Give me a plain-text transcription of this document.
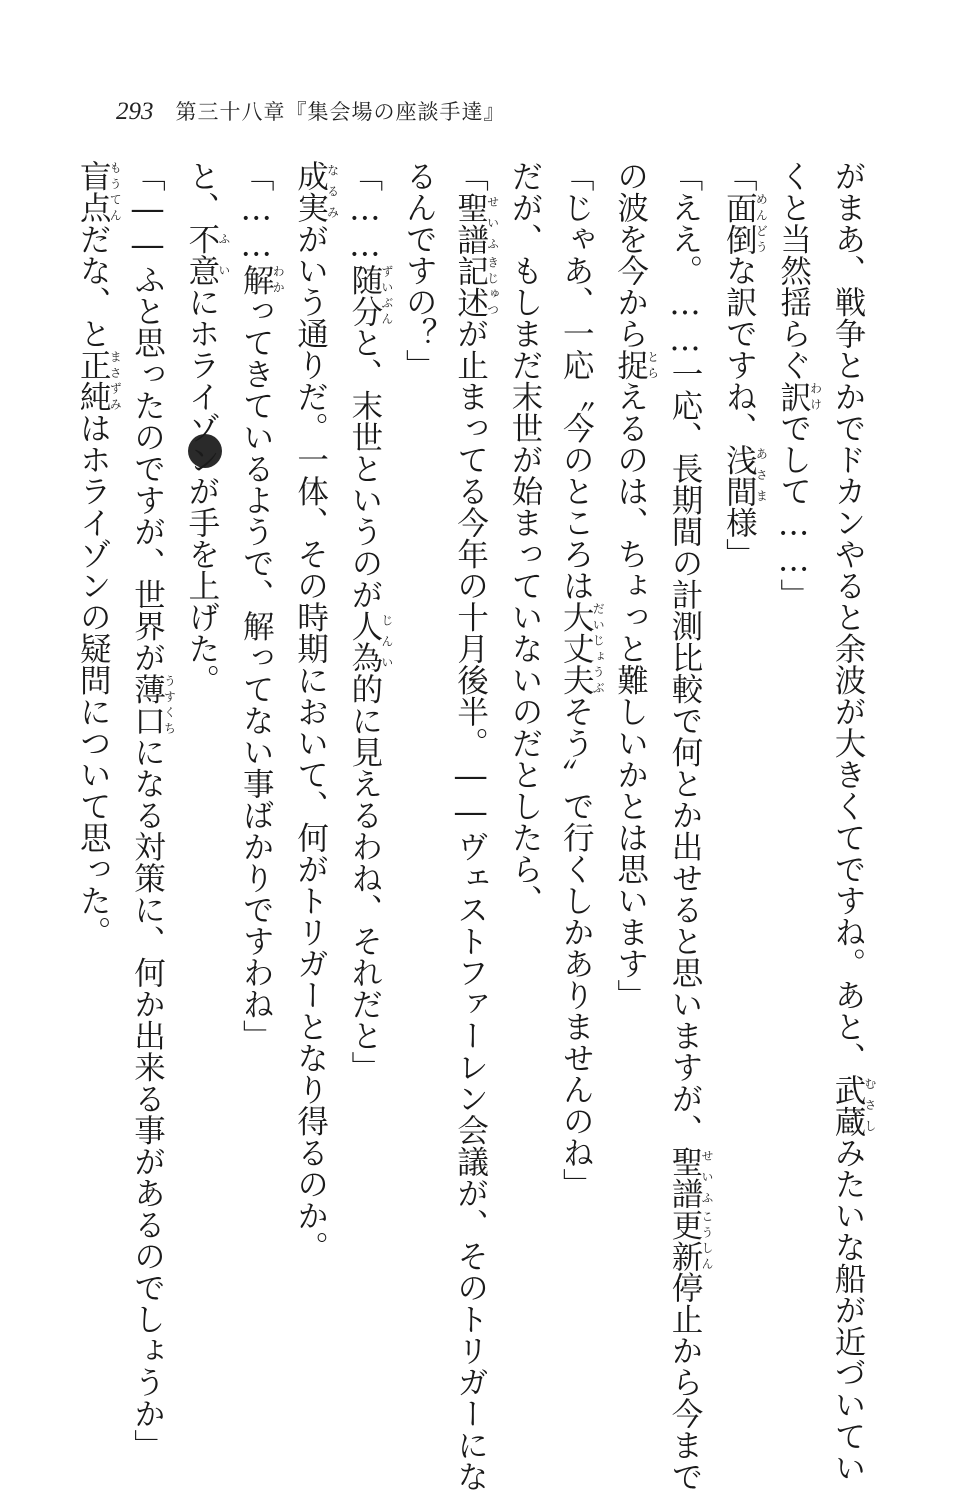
293 第三十八章『集会場の座談手達』
がまあ、戦争とかでドカンやると余波が大きくてですね。あと、武蔵むさしみたいな船が近づいてい
くと当然揺らぐ訳わけでして……」
「面倒めんどうな訳ですね、浅間あさま様」
「ええ。……一応、長期間の計測比較で何とか出せると思いますが、聖譜せいふ更新こうしん停止から今まで
の波を今から捉とらえるのは、ちょっと難しいかとは思います」
「じゃあ、一応〝今のところは大丈夫だいじょうぶそう〟で行くしかありませんのね」
だが、もしまだ末世が始まっていないのだとしたら、
「聖譜せいふ記述きじゅつが止まってる今年の十月後半。――ヴェストファーレン会議が、そのトリガーにな
るんですの？」
「……随分ずいぶんと、末世というのが人為じんい的に見えるわね、それだと」
成実なるみがいう通りだ。一体、その時期において、何がトリガーとなり得るのか。
「……解わかってきているようで、解ってない事ばかりですわね」
と、不意ふいにホライゾンが手を上げた。
「――ふと思ったのですが、世界が薄口うすくちになる対策に、何か出来る事があるのでしょうか」
盲点もうてんだな、と正純まさずみはホライゾンの疑問について思った。
